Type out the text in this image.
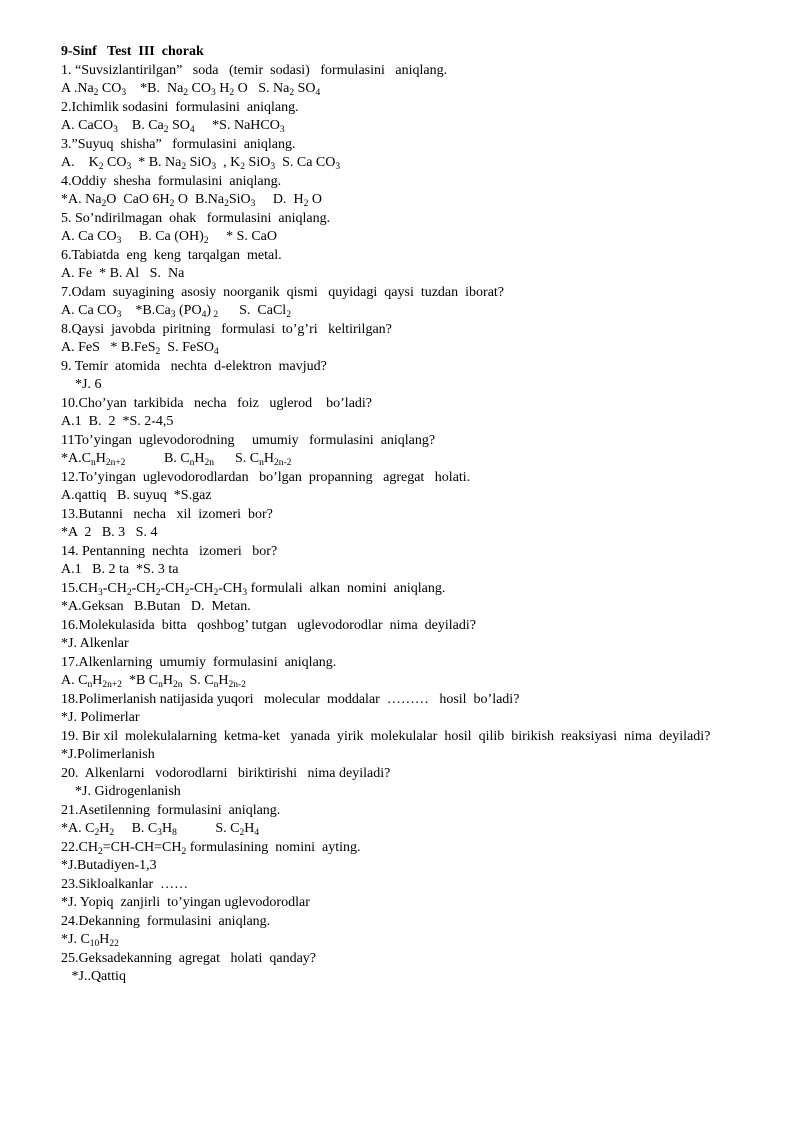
9-Sinf   Test  III  chorak
1. “Suvsizlantirilgan”   soda   (temir  sodasi)   formulasini   aniqlang.
A $.Na_2$ $CO_3$    *B.  $Na_2$ $CO_3$ $H_2$ O   S. $Na_2$ $SO_4$
2.Ichimlik sodasini  formulasini  aniqlang.
A. CaCO$_3$    B. $Ca_2$ $SO_4$     *S. NaHCO$_3$
3.”Suyuq  shisha”   formulasini  aniqlang.
A.    $K_2$ $CO_3$  * B. $Na_2$ SiO$_3$  , $K_2$ SiO$_3$  S. Ca $CO_3$
4.Oddiy  shesha  formulasini  aniqlang.
*A. $Na_2O$  CaO $6H_2$ O  $B.Na_2SiO_3$     D.  $H_2$ O
5. So’ndirilmagan  ohak   formulasini  aniqlang.
A. Ca $CO_3$     B. Ca $(OH)_2$     * S. CaO
6.Tabiatda  eng  keng  tarqalgan  metal.
A. Fe  * B. Al   S.  Na
7.Odam  suyagining  asosiy  noorganik  qismi   quyidagi  qaysi  tuzdan  iborat?
A. Ca $CO_3$    $*B.Ca_3$ $(PO_4)$ $_2$      S.  CaCl$_2$
8.Qaysi  javobda  piritning   formulasi  to’g’ri   keltirilgan?
A. FeS   * B.FeS$_2$  S. FeSO$_4$
9. Temir  atomida   nechta  d-elektron  mavjud?
*J. 6
10.Cho’yan  tarkibida   necha   foiz   uglerod    bo’ladi?
A.1  B.  2  *S. 2-4,5
11To’yingan  uglevodorodning     umumiy   formulasini  aniqlang?
$*A.C_nH_{2n+2}$           B. $C_nH_{2n}$      S. $C_nH_{2n-2}$
12.To’yingan  uglevodorodlardan   bo’lgan  propanning   agregat   holati.
A.qattiq   B. suyuq  *S.gaz
13.Butanni   necha   xil  izomeri  bor?
*A  2   B. 3   S. 4
14. Pentanning  nechta   izomeri   bor?
A.1   B. 2 ta  *S. 3 ta
$15.CH_3-CH_2-CH_2-CH_2-CH_2-CH_3$ formulali  alkan  nomini  aniqlang.
*A.Geksan   B.Butan   D.  Metan.
16.Molekulasida  bitta   qoshbog’ tutgan   uglevodorodlar  nima  deyiladi?
*J. Alkenlar
17.Alkenlarning  umumiy  formulasini  aniqlang.
A. $C_nH_{2n+2}$  *B $C_nH_{2n}$  S. $C_nH_{2n-2}$
18.Polimerlanish natijasida yuqori   molecular  moddalar  ………   hosil  bo’ladi?
*J. Polimerlar
19. Bir xil  molekulalarning  ketma-ket   yanada  yirik  molekulalar  hosil  qilib  birikish  reaksiyasi  nima  deyiladi?
*J.Polimerlanish
20.  Alkenlarni   vodorodlarni   biriktirishi   nima deyiladi?
*J. Gidrogenlanish
21.Asetilenning  formulasini  aniqlang.
*A. $C_2H_2$     B. $C_3H_8$           S. $C_2H_4$
$22.CH_2=CH-CH=CH_2$ formulasining  nomini  ayting.
*J.Butadiyen-1,3
23.Sikloalkanlar  ……
*J. Yopiq  zanjirli  to’yingan uglevodorodlar
24.Dekanning  formulasini  aniqlang.
*J. $C_{10}H_{22}$
25.Geksadekanning  agregat   holati  qanday?
*J..Qattiq
